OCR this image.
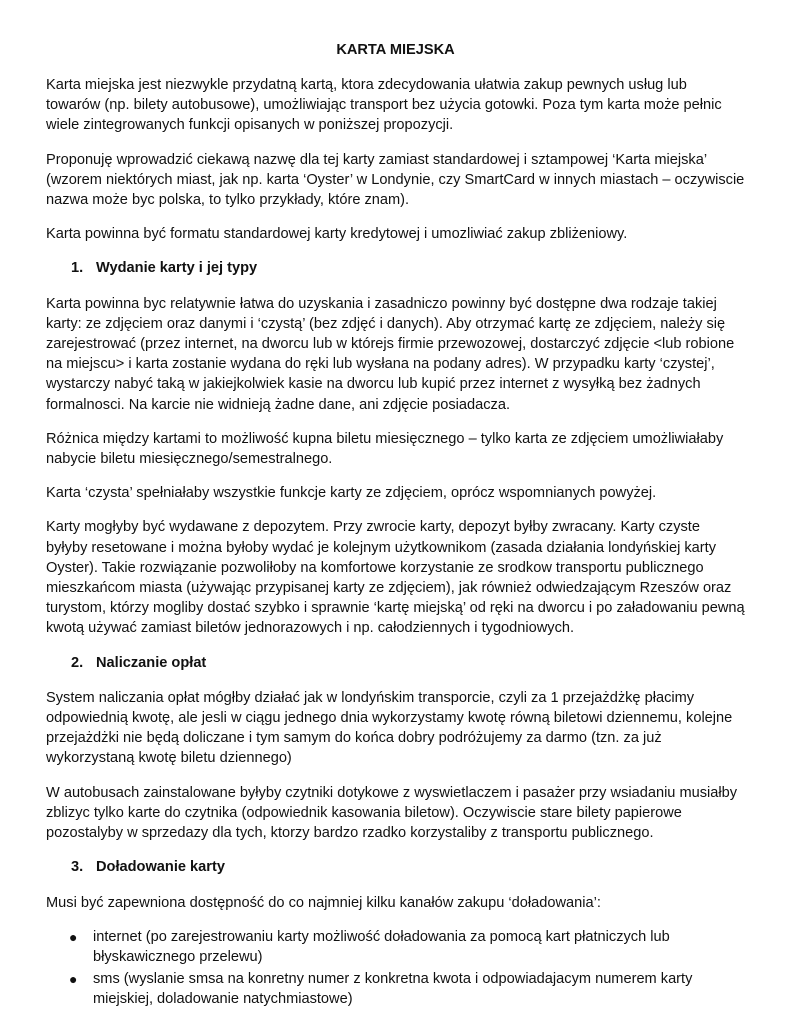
KARTA MIEJSKA

Karta miejska jest niezwykle przydatną kartą, ktora zdecydowania ułatwia zakup pewnych usług lub towarów (np. bilety autobusowe), umożliwiając transport bez użycia gotowki. Poza tym karta może pełnic wiele zintegrowanych funkcji opisanych w poniższej propozycji.

Proponuję wprowadzić ciekawą nazwę dla tej karty zamiast standardowej i sztampowej ‘Karta miejska’ (wzorem niektórych miast, jak np. karta ‘Oyster’ w Londynie, czy SmartCard w innych miastach – oczywiscie nazwa może byc polska, to tylko przykłady, które znam).

Karta powinna być formatu standardowej karty kredytowej i umozliwiać zakup zbliżeniowy.

1. Wydanie karty i jej typy

Karta powinna byc relatywnie łatwa do uzyskania i zasadniczo powinny być dostępne dwa rodzaje takiej karty: ze zdjęciem oraz danymi i ‘czystą’ (bez zdjęć i danych). Aby otrzymać kartę ze zdjęciem, należy się zarejestrować (przez internet, na dworcu lub w którejs firmie przewozowej, dostarczyć zdjęcie <lub robione na miejscu> i karta zostanie wydana do ręki lub wysłana na podany adres). W przypadku karty ‘czystej’, wystarczy nabyć taką w jakiejkolwiek kasie na dworcu lub kupić przez internet z wysyłką bez żadnych formalnosci. Na karcie nie widnieją żadne dane, ani zdjęcie posiadacza.

Różnica między kartami to możliwość kupna biletu miesięcznego – tylko karta ze zdjęciem umożliwiałaby nabycie biletu miesięcznego/semestralnego.

Karta ‘czysta’ spełniałaby wszystkie funkcje karty ze zdjęciem, oprócz wspomnianych powyżej.

Karty mogłyby być wydawane z depozytem. Przy zwrocie karty, depozyt byłby zwracany. Karty czyste byłyby resetowane i można byłoby wydać je kolejnym użytkownikom (zasada działania londyńskiej karty Oyster). Takie rozwiązanie pozwoliłoby na komfortowe korzystanie ze srodkow transportu publicznego mieszkańcom miasta (używając przypisanej karty ze zdjęciem), jak również odwiedzającym Rzeszów oraz turystom, którzy mogliby dostać szybko i sprawnie ‘kartę miejską’ od ręki na dworcu i po załadowaniu pewną kwotą używać zamiast biletów jednorazowych i np. całodziennych i tygodniowych.

2. Naliczanie opłat

System naliczania opłat mógłby działać jak w londyńskim transporcie, czyli za 1 przejażdżkę płacimy odpowiednią kwotę, ale jesli w ciągu jednego dnia wykorzystamy kwotę równą biletowi dziennemu, kolejne przejażdżki nie będą doliczane i tym samym do końca dobry podróżujemy za darmo (tzn. za już wykorzystaną kwotę biletu dziennego)

W autobusach zainstalowane byłyby czytniki dotykowe z wyswietlaczem i pasażer przy wsiadaniu musiałby zblizyc tylko karte do czytnika (odpowiednik kasowania biletow). Oczywiscie stare bilety papierowe pozostalyby w sprzedazy dla tych, ktorzy bardzo rzadko korzystaliby z transportu publicznego.

3. Doładowanie karty

Musi być zapewniona dostępność do co najmniej kilku kanałów zakupu ‘doładowania’:

●	internet (po zarejestrowaniu karty możliwość doładowania za pomocą kart płatniczych lub błyskawicznego przelewu)
●	sms (wyslanie smsa na konretny numer z konkretna kwota i odpowiadajacym numerem karty miejskiej, doladowanie natychmiastowe)
